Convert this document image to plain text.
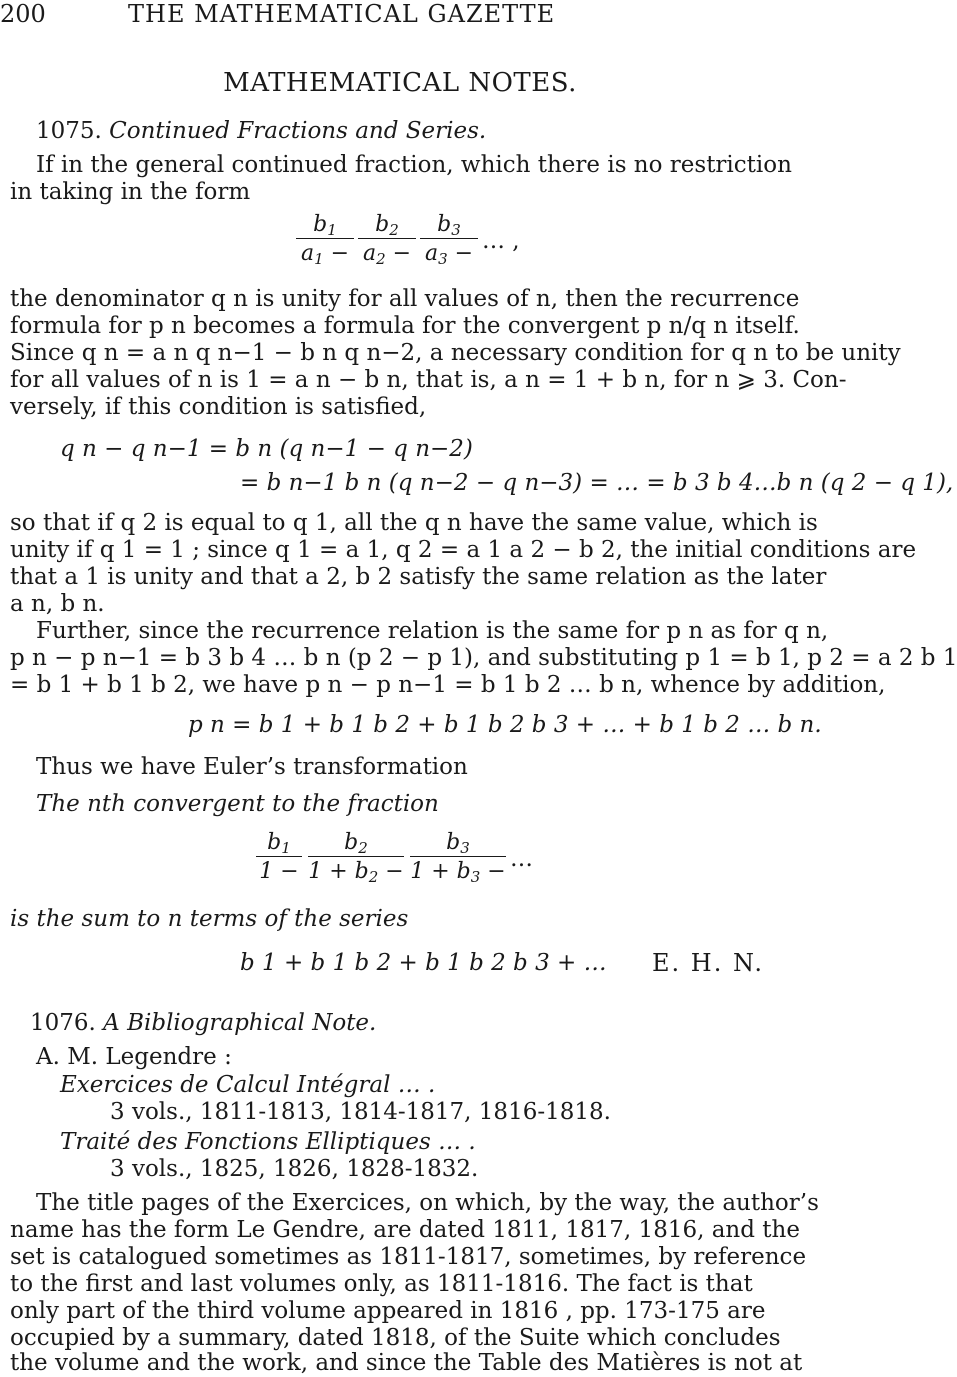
200	THE MATHEMATICAL GAZETTE
MATHEMATICAL NOTES.
1075. Continued Fractions and Series.
If in the general continued fraction, which there is no restriction
in taking in the form
$\frac{b_1}{a_1 -} \frac{b_2}{a_2 -} \frac{b_3}{a_3 -}$ … ,
the denominator q n is unity for all values of n, then the recurrence
formula for p n becomes a formula for the convergent p n/q n itself.
Since q n = a n q n−1 − b n q n−2, a necessary condition for q n to be unity
for all values of n is 1 = a n − b n, that is, a n = 1 + b n, for n ⩾ 3. Con-
versely, if this condition is satisfied,
q n − q n−1 = b n (q n−1 − q n−2)
= b n−1 b n (q n−2 − q n−3) = … = b 3 b 4…b n (q 2 − q 1),
so that if q 2 is equal to q 1, all the q n have the same value, which is
unity if q 1 = 1 ; since q 1 = a 1, q 2 = a 1 a 2 − b 2, the initial conditions are
that a 1 is unity and that a 2, b 2 satisfy the same relation as the later
a n, b n.
Further, since the recurrence relation is the same for p n as for q n,
p n − p n−1 = b 3 b 4 … b n (p 2 − p 1), and substituting p 1 = b 1, p 2 = a 2 b 1
= b 1 + b 1 b 2, we have p n − p n−1 = b 1 b 2 … b n, whence by addition,
p n = b 1 + b 1 b 2 + b 1 b 2 b 3 + … + b 1 b 2 … b n.
Thus we have Euler’s transformation
The nth convergent to the fraction
$\frac{b_1}{1 -} \frac{b_2}{1 + b_2 -} \frac{b_3}{1 + b_3 -}$ …
is the sum to n terms of the series
b 1 + b 1 b 2 + b 1 b 2 b 3 + … E. H. N.
1076. A Bibliographical Note.
A. M. Legendre :
Exercices de Calcul Intégral … .
3 vols., 1811-1813, 1814-1817, 1816-1818.
Traité des Fonctions Elliptiques … .
3 vols., 1825, 1826, 1828-1832.
The title pages of the Exercices, on which, by the way, the author’s
name has the form Le Gendre, are dated 1811, 1817, 1816, and the
set is catalogued sometimes as 1811-1817, sometimes, by reference
to the first and last volumes only, as 1811-1816. The fact is that
only part of the third volume appeared in 1816 , pp. 173-175 are
occupied by a summary, dated 1818, of the Suite which concludes
the volume and the work, and since the Table des Matières is not at
